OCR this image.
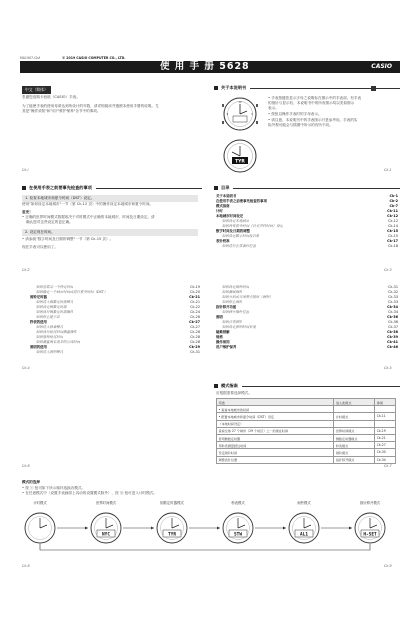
MA1907-CkA	© 2019 CASIO COMPUTER CO., LTD.
使 用 手 册 5628	CASIO
中文（简体）
衷谢您选购卡西欧（CASIO）手表。
为了能使手表的使用寿命达到所设计的年数，请详细阅读并遵照本使用手册的说明。尤
其是"操作须知"和"用户维护保养"各节中的事项。
Ck-i
关于本说明书
12
3
9
TYR
• 手表按键依显示字母之说明标在图示中的手表部。有手表
的指针与显示有，本说明书中的所有图示均以类似图示
表示。
• 按钮以操作手表时的字母表示。
• 请注意，本说明书中的手表图示只是参考用。手表的实
际外观可能会与插图中所示的有所不同。
Ck-1
在使用手表之前要事先检查的事项
1. 检查本地城市和夏令时间（DST）设定。
使用"如何设定本地城市"一节（第 Ck-12 页）中的操作设定本地城市和夏令时间。
重要！
• 正确的世界时间模式数据取决于对时模式中正确的本地城市、时间及日期设定。请
确认您对这些设定的更正确。
2. 设定现在时间。
• 请参阅"数字时间及日期的调整"一节（第 Ck-15 页）。
现在手表可以使用了。
Ck-2
目录
关于本说明书	Ck-1
在使用手表之前要事先检查的事项	Ck-2
模式指南	Ck-7
计时	Ck-11
本地城市时间设定	Ck-12
如何设定本地城市	Ck-12
如何改变夏令时间（日光节约时间）设定	Ck-14
数字时间及日期的调整	Ck-15
如何设定数字时间及日期	Ck-15
表针校准	Ck-17
如何进行正常表针位置	Ck-18
Ck-3
如何查看某一个特定时间	Ck-19
如何确定一个城市时间或进行夏令时间（DST）	Ck-20
闹铃定时器	Ck-21
如何进入倒数定时器模式	Ck-21
如何设定倒数定时器	Ck-22
如何执行倒数定时器操作	Ck-24
如何停止提示音	Ck-26
秒表的使用	Ck-27
如何进入秒表模式	Ck-27
如何执行经过时间测量操作	Ck-28
如何暂停经过时间	Ck-28
如何测量两名选手的完成时间	Ck-28
照明的使用	Ck-29
如何进入照明模式	Ck-31
Ck-4
如何设定闹铃时间	Ck-31
如何测试闹铃	Ck-32
如何开启或关闭整点报时（闹铃）	Ck-33
如何停止闹铃	Ck-33
指针移开功能	Ck-34
如何移开指针位置	Ck-34
照明	Ck-36
如何点亮照明	Ck-36
如何设定照明时间长度	Ck-37
疑难排解	Ck-38
规格	Ck-39
操作须知	Ck-41
用户维护保养	Ck-46
Ck-5
模式指南
应根据需要选择模式。
用途	进入此模式	参阅
• 查看本地城市的时间		
• 配置本地城市和夏令时间（DST）设定	计时模式	Ck-11
（本地时间设定）		
查看全球 27 个城市（29 个时区）之一的现在时间	世界时间模式	Ck-19
使用倒数定时器	倒数定时器模式	Ck-21
用秒表测量经过时间	秒表模式	Ck-27
设定闹铃时间	闹铃模式	Ck-30
调整表针位置	指针移开模式	Ck-34
Ck-6	Ck-7
模式的选择
• 按 ⓒ 钮可如下所示循环选换各模式。
• 在任意模式中（设置手表画面上闪动的设置模式除外），按 ⓑ 钮可进入计时模式。
NYC	TYR	STW	AL1	H-SET
计时模式	世界时间模式	倒数定时器模式	秒表模式	闹铃模式	指针移开模式
Ck-8	Ck-9
